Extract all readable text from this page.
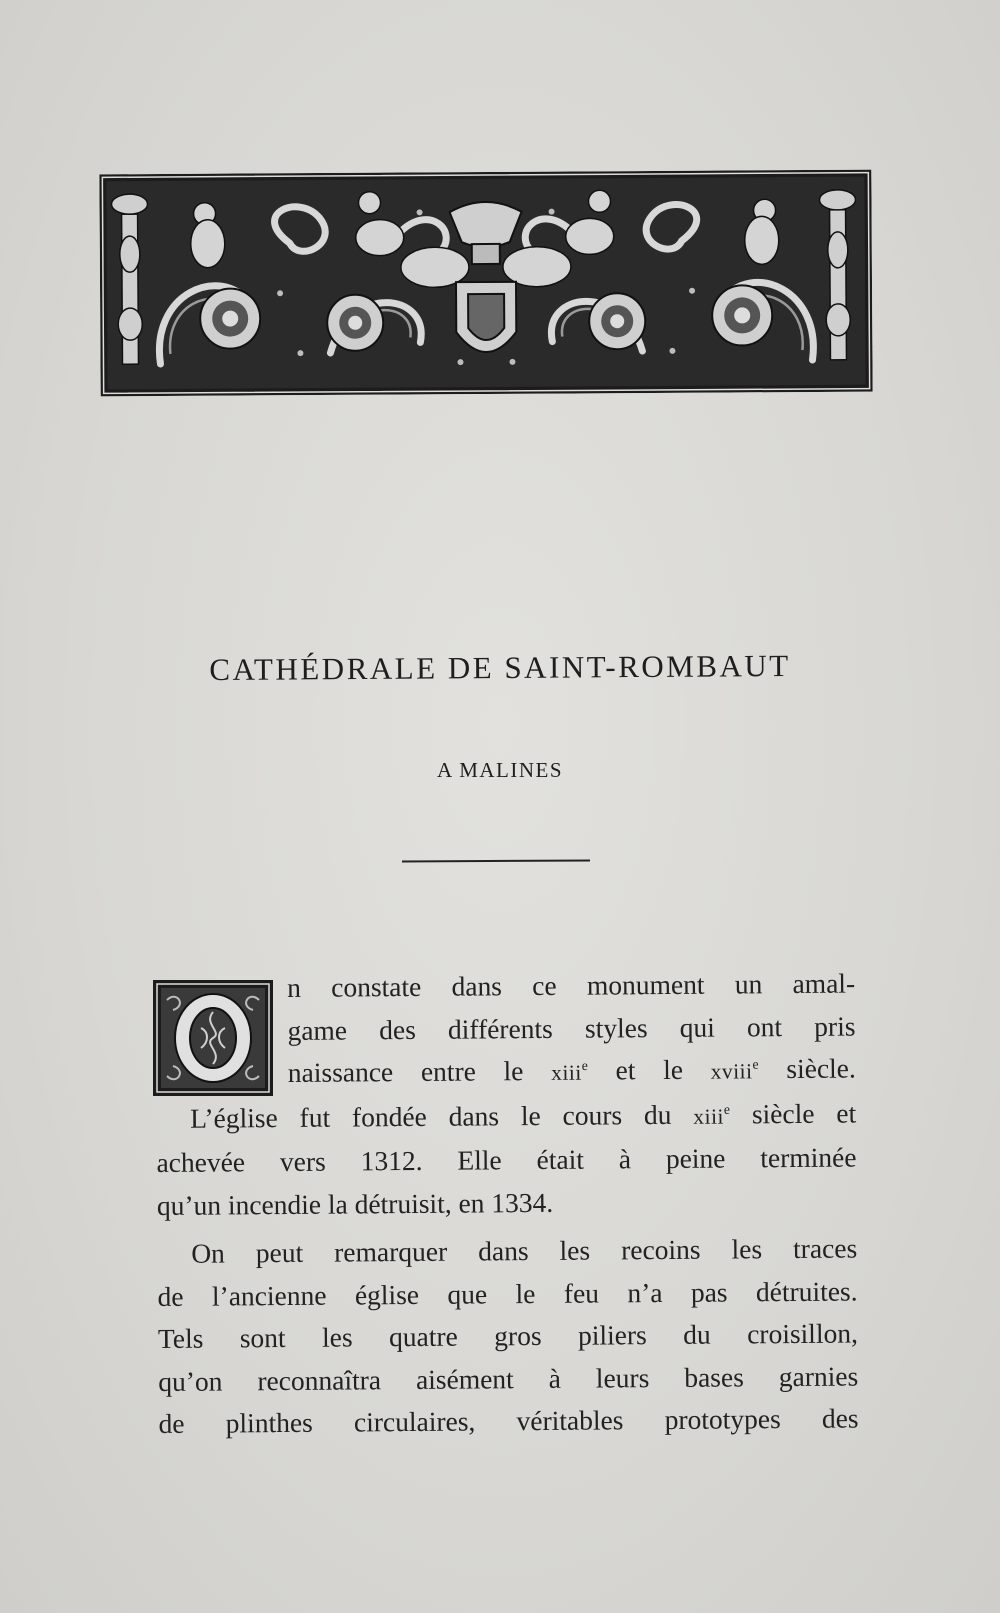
CATHÉDRALE DE SAINT-ROMBAUT
A MALINES
n constate dans ce monument un amal-
game des différents styles qui ont pris
naissance entre le xiii$^e$ et le xviii$^e$ siècle.
L’église fut fondée dans le cours du xiii$^e$ siècle et
achevée vers 1312. Elle était à peine terminée
qu’un incendie la détruisit, en 1334.
On peut remarquer dans les recoins les traces
de l’ancienne église que le feu n’a pas détruites.
Tels sont les quatre gros piliers du croisillon,
qu’on reconnaîtra aisément à leurs bases garnies
de plinthes circulaires, véritables prototypes des
